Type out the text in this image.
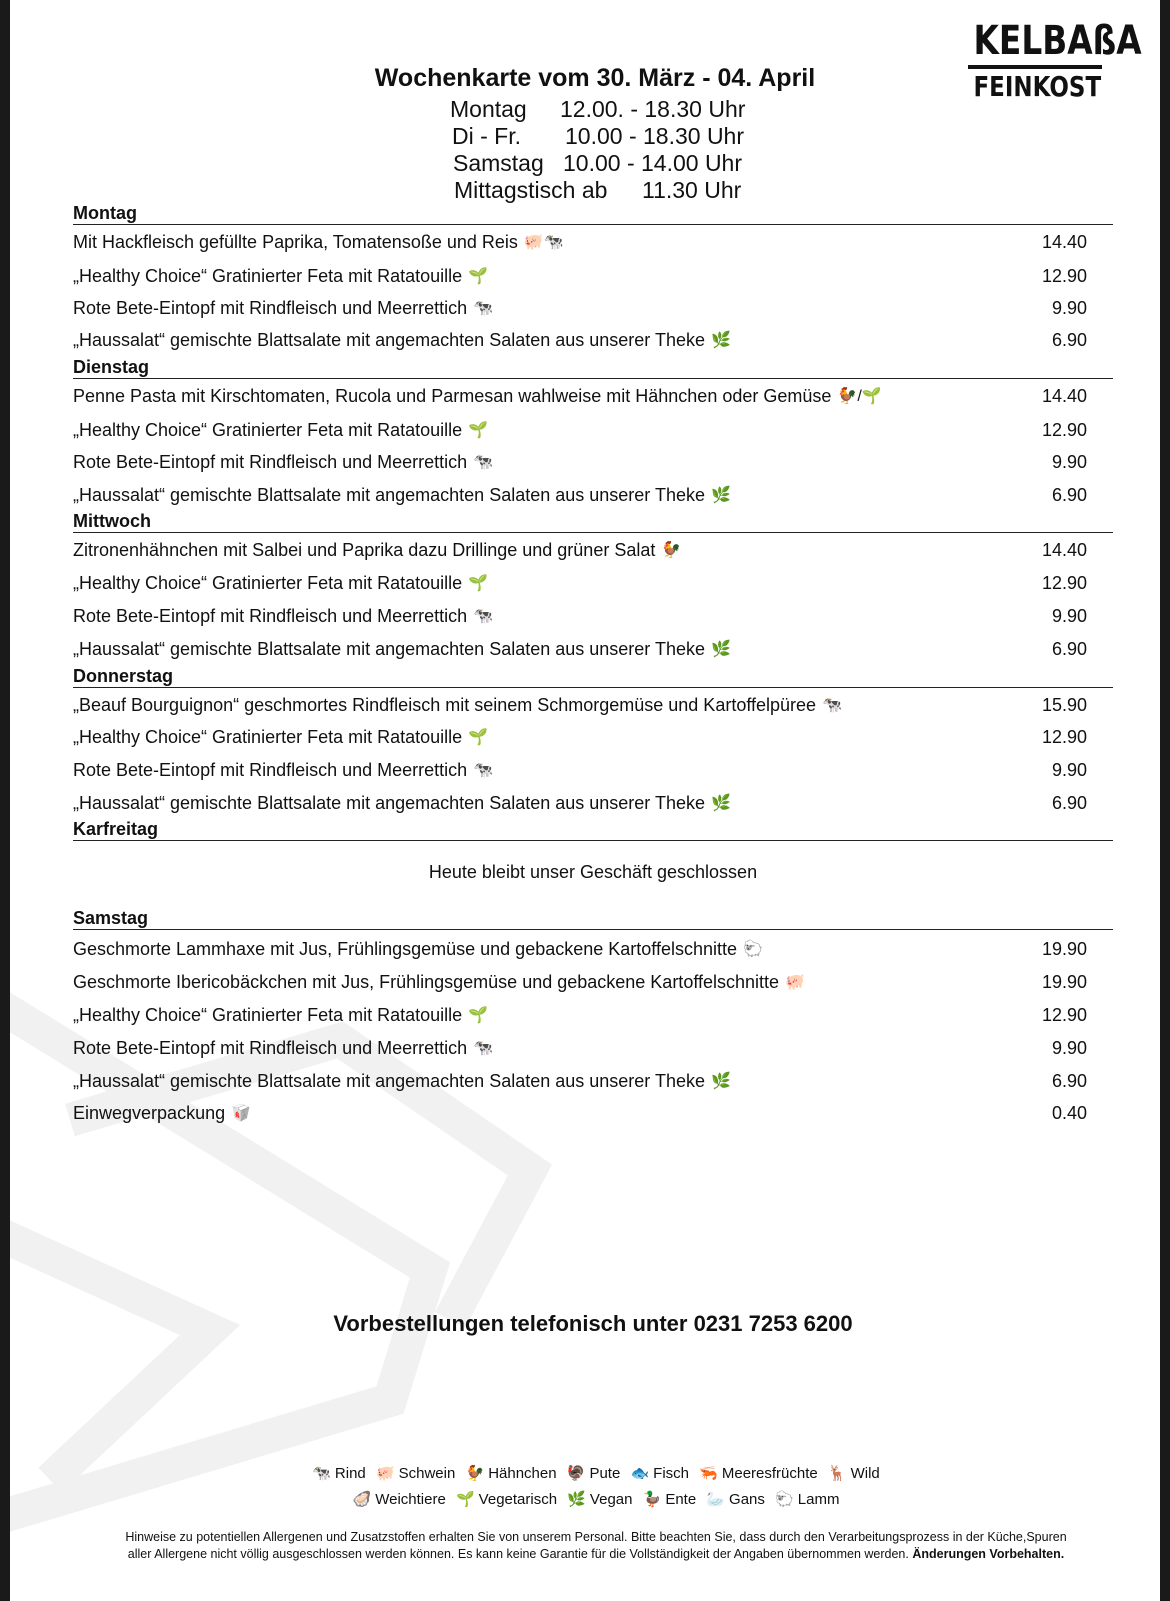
KELBAßA
FEINKOST
Wochenkarte vom 30. März - 04. April
Montag 12.00. - 18.30 Uhr
Di - Fr. 10.00 - 18.30 Uhr
Samstag 10.00 - 14.00 Uhr
Mittagstisch ab 11.30 Uhr
Montag
Mit Hackfleisch gefüllte Paprika, Tomatensoße und Reis 🐖🐄	14.40
„Healthy Choice“ Gratinierter Feta mit Ratatouille 🌱	12.90
Rote Bete-Eintopf mit Rindfleisch und Meerrettich 🐄	9.90
„Haussalat“ gemischte Blattsalate mit angemachten Salaten aus unserer Theke 🌿	6.90
Dienstag
Penne Pasta mit Kirschtomaten, Rucola und Parmesan wahlweise mit Hähnchen oder Gemüse 🐓/🌱	14.40
„Healthy Choice“ Gratinierter Feta mit Ratatouille 🌱	12.90
Rote Bete-Eintopf mit Rindfleisch und Meerrettich 🐄	9.90
„Haussalat“ gemischte Blattsalate mit angemachten Salaten aus unserer Theke 🌿	6.90
Mittwoch
Zitronenhähnchen mit Salbei und Paprika dazu Drillinge und grüner Salat 🐓	14.40
„Healthy Choice“ Gratinierter Feta mit Ratatouille 🌱	12.90
Rote Bete-Eintopf mit Rindfleisch und Meerrettich 🐄	9.90
„Haussalat“ gemischte Blattsalate mit angemachten Salaten aus unserer Theke 🌿	6.90
Donnerstag
„Beauf Bourguignon“ geschmortes Rindfleisch mit seinem Schmorgemüse und Kartoffelpüree 🐄	15.90
„Healthy Choice“ Gratinierter Feta mit Ratatouille 🌱	12.90
Rote Bete-Eintopf mit Rindfleisch und Meerrettich 🐄	9.90
„Haussalat“ gemischte Blattsalate mit angemachten Salaten aus unserer Theke 🌿	6.90
Karfreitag
Heute bleibt unser Geschäft geschlossen
Samstag
Geschmorte Lammhaxe mit Jus, Frühlingsgemüse und gebackene Kartoffelschnitte 🐑	19.90
Geschmorte Ibericobäckchen mit Jus, Frühlingsgemüse und gebackene Kartoffelschnitte 🐖	19.90
„Healthy Choice“ Gratinierter Feta mit Ratatouille 🌱	12.90
Rote Bete-Eintopf mit Rindfleisch und Meerrettich 🐄	9.90
„Haussalat“ gemischte Blattsalate mit angemachten Salaten aus unserer Theke 🌿	6.90
Einwegverpackung 🥡	0.40
Vorbestellungen telefonisch unter 0231 7253 6200
🐄 Rind 🐖 Schwein 🐓 Hähnchen 🦃 Pute 🐟 Fisch 🦐 Meeresfrüchte 🦌 Wild
🦪 Weichtiere 🌱 Vegetarisch 🌿 Vegan 🦆 Ente 🦢 Gans 🐑 Lamm
Hinweise zu potentiellen Allergenen und Zusatzstoffen erhalten Sie von unserem Personal. Bitte beachten Sie, dass durch den Verarbeitungsprozess in der Küche,Spuren
aller Allergene nicht völlig ausgeschlossen werden können. Es kann keine Garantie für die Vollständigkeit der Angaben übernommen werden. Änderungen Vorbehalten.
